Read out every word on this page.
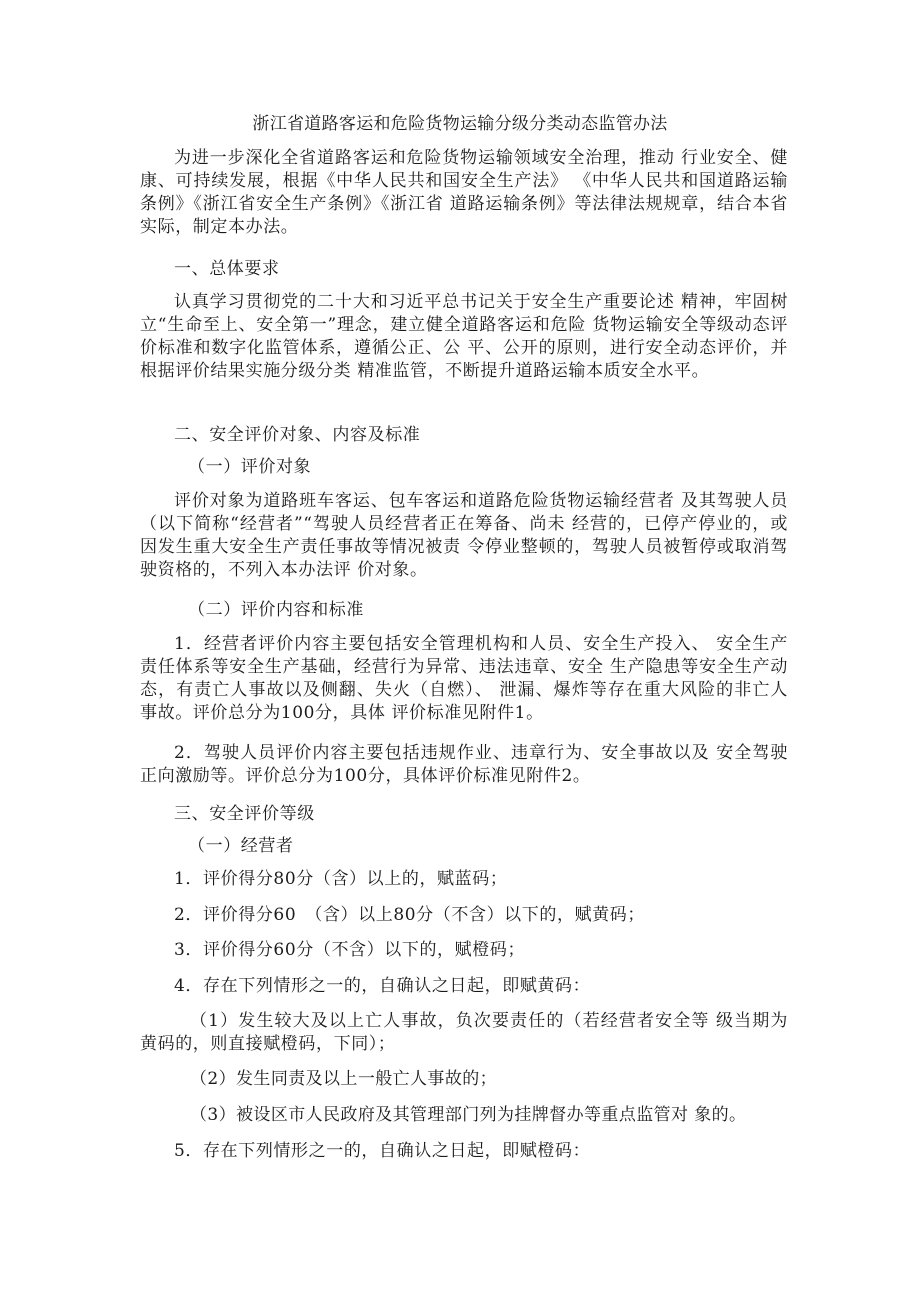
浙江省道路客运和危险货物运输分级分类动态监管办法
为进一步深化全省道路客运和危险货物运输领域安全治理，推动 行业安全、健康、可持续发展，根据《中华人民共和国安全生产法》 《中华人民共和国道路运输条例》《浙江省安全生产条例》《浙江省 道路运输条例》等法律法规规章，结合本省实际，制定本办法。
一、总体要求
认真学习贯彻党的二十大和习近平总书记关于安全生产重要论述 精神，牢固树立“生命至上、安全第一”理念，建立健全道路客运和危险 货物运输安全等级动态评价标准和数字化监管体系，遵循公正、公 平、公开的原则，进行安全动态评价，并根据评价结果实施分级分类 精准监管，不断提升道路运输本质安全水平。
二、安全评价对象、内容及标准
（一）评价对象
评价对象为道路班车客运、包车客运和道路危险货物运输经营者 及其驾驶人员（以下简称“经营者”“驾驶人员经营者正在筹备、尚未 经营的，已停产停业的，或因发生重大安全生产责任事故等情况被责 令停业整顿的，驾驶人员被暂停或取消驾驶资格的，不列入本办法评 价对象。
（二）评价内容和标准
1．经营者评价内容主要包括安全管理机构和人员、安全生产投入、 安全生产责任体系等安全生产基础，经营行为异常、违法违章、安全 生产隐患等安全生产动态，有责亡人事故以及侧翻、失火（自燃）、 泄漏、爆炸等存在重大风险的非亡人事故。评价总分为100分，具体 评价标准见附件1。
2．驾驶人员评价内容主要包括违规作业、违章行为、安全事故以及 安全驾驶正向激励等。评价总分为100分，具体评价标准见附件2。
三、安全评价等级
（一）经营者
1．评价得分80分（含）以上的，赋蓝码；
2．评价得分60　（含）以上80分（不含）以下的，赋黄码；
3．评价得分60分（不含）以下的，赋橙码；
4．存在下列情形之一的，自确认之日起，即赋黄码：
（1）发生较大及以上亡人事故，负次要责任的（若经营者安全等 级当期为黄码的，则直接赋橙码，下同）；
（2）发生同责及以上一般亡人事故的；
（3）被设区市人民政府及其管理部门列为挂牌督办等重点监管对 象的。
5．存在下列情形之一的，自确认之日起，即赋橙码：
